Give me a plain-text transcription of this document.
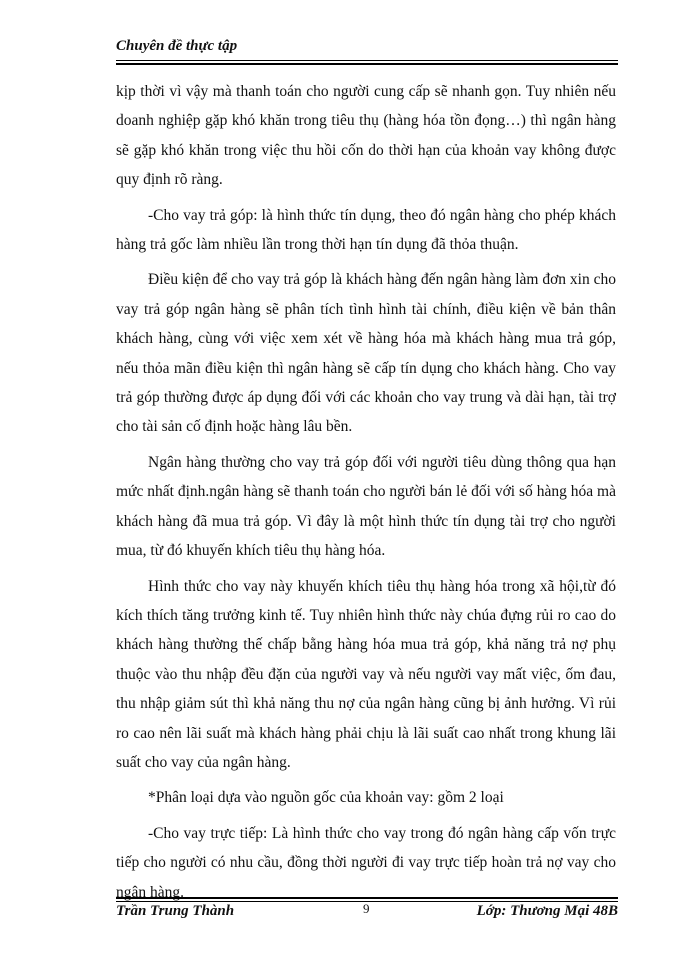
Chuyên đề thực tập

kịp thời vì vậy mà thanh toán cho người cung cấp sẽ nhanh gọn. Tuy nhiên nếu doanh nghiệp gặp khó khăn trong tiêu thụ (hàng hóa tồn đọng…) thì ngân hàng sẽ gặp khó khăn trong việc thu hồi cốn do thời hạn của khoản vay không được quy định rõ ràng.

-Cho vay trả góp: là hình thức tín dụng, theo đó ngân hàng cho phép khách hàng trả gốc làm nhiều lần trong thời hạn tín dụng đã thỏa thuận.

Điều kiện để cho vay trả góp là khách hàng đến ngân hàng làm đơn xin cho vay trả góp ngân hàng sẽ phân tích tình hình tài chính, điều kiện về bản thân khách hàng, cùng với việc xem xét về hàng hóa mà khách hàng mua trả góp, nếu thỏa mãn điều kiện thì ngân hàng sẽ cấp tín dụng cho khách hàng. Cho vay trả góp thường được áp dụng đối với các khoản cho vay trung và dài hạn, tài trợ cho tài sản cố định hoặc hàng lâu bền.

Ngân hàng thường cho vay trả góp đối với người tiêu dùng thông qua hạn mức nhất định.ngân hàng sẽ thanh toán cho người bán lẻ đối với số hàng hóa mà khách hàng đã mua trả góp. Vì đây là một hình thức tín dụng tài trợ cho người mua, từ đó khuyến khích tiêu thụ hàng hóa.

Hình thức cho vay này khuyến khích tiêu thụ hàng hóa trong xã hội,từ đó kích thích tăng trưởng kinh tế. Tuy nhiên hình thức này chúa đựng rủi ro cao do khách hàng thường thế chấp bằng hàng hóa mua trả góp, khả năng trả nợ phụ thuộc vào thu nhập đều đặn của người vay và nếu người vay mất việc, ốm đau, thu nhập giảm sút thì khả năng thu nợ của ngân hàng cũng bị ảnh hưởng. Vì rủi ro cao nên lãi suất mà khách hàng phải chịu là lãi suất cao nhất trong khung lãi suất cho vay của ngân hàng.

*Phân loại dựa vào nguồn gốc của khoản vay: gồm 2 loại

-Cho vay trực tiếp: Là hình thức cho vay trong đó ngân hàng cấp vốn trực tiếp cho người có nhu cầu, đồng thời người đi vay trực tiếp hoàn trả nợ vay cho ngân hàng.

Trần Trung Thành	9	Lớp: Thương Mại 48B
